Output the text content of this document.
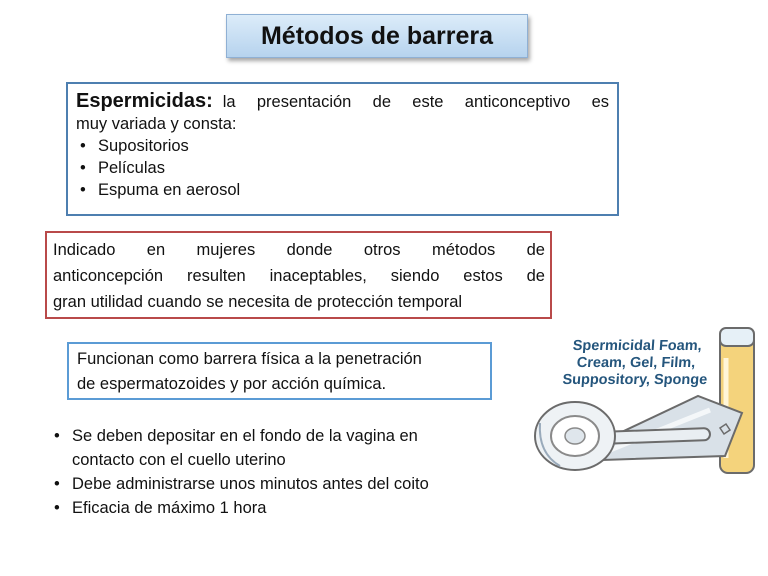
Métodos de barrera
Espermicidas: la presentación de este anticonceptivo es
muy variada y consta:
• Supositorios
• Películas
• Espuma en aerosol
Indicado en mujeres donde otros métodos de
anticoncepción resulten inaceptables, siendo estos de
gran utilidad cuando se necesita de protección temporal
Funcionan como barrera física a la penetración
de espermatozoides y por acción química.
• Se deben depositar en el fondo de la vagina en
contacto con el cuello uterino
• Debe administrarse unos minutos antes del coito
• Eficacia de máximo 1 hora
Spermicidal Foam,
Cream, Gel, Film,
Suppository, Sponge
